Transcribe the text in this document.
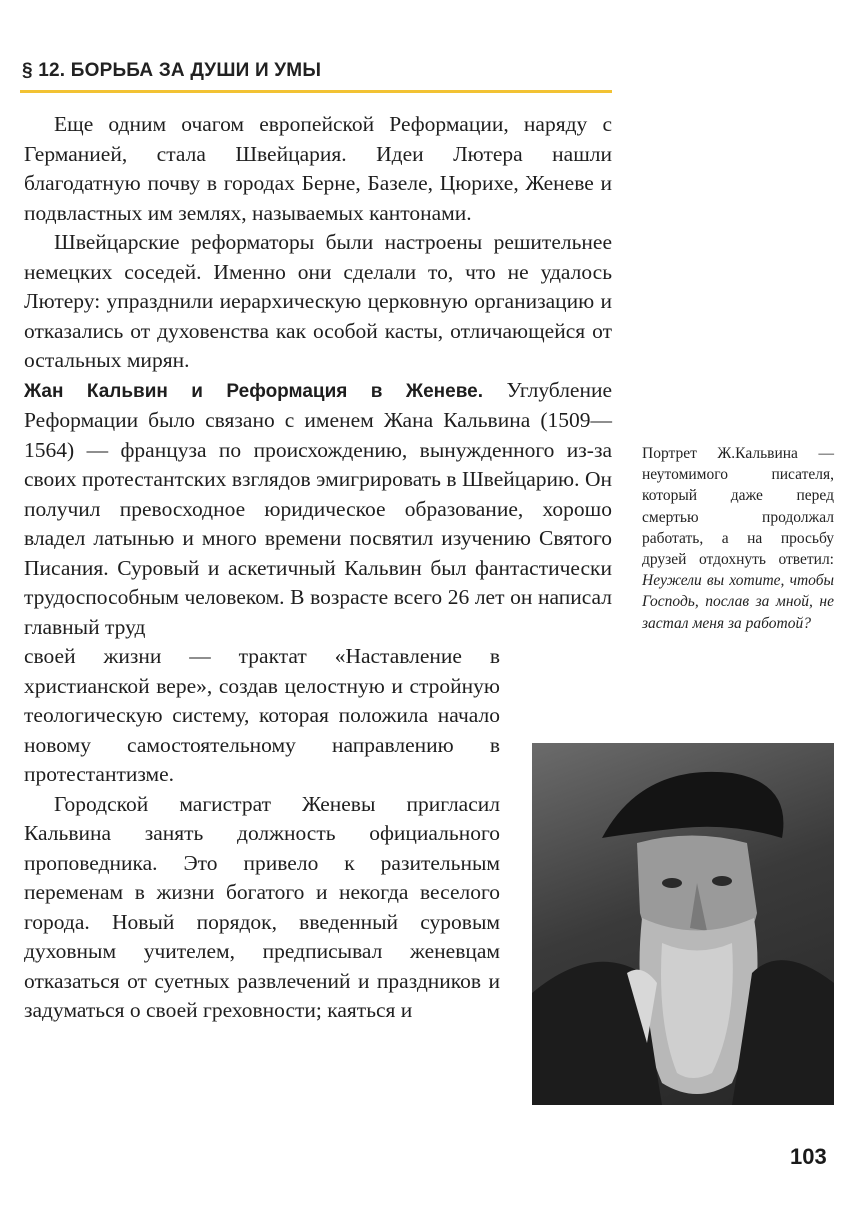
§ 12. БОРЬБА ЗА ДУШИ И УМЫ

Еще одним очагом европейской Реформации, наряду с Германией, стала Швейцария. Идеи Лютера нашли благодатную почву в городах Берне, Базеле, Цюрихе, Женеве и подвластных им землях, называемых кантонами.

Швейцарские реформаторы были настроены решительнее немецких соседей. Именно они сделали то, что не удалось Лютеру: упразднили иерархическую церковную организацию и отказались от духовенства как особой касты, отличающейся от остальных мирян.

Жан Кальвин и Реформация в Женеве. Углубление Реформации было связано с именем Жана Кальвина (1509—1564) — француза по происхождению, вынужденного из-за своих протестантских взглядов эмигрировать в Швейцарию. Он получил превосходное юридическое образование, хорошо владел латынью и много времени посвятил изучению Святого Писания. Суровый и аскетичный Кальвин был фантастически трудоспособным человеком. В возрасте всего 26 лет он написал главный труд

своей жизни — трактат «Наставление в христианской вере», создав целостную и стройную теологическую систему, которая положила начало новому самостоятельному направлению в протестантизме.

Городской магистрат Женевы пригласил Кальвина занять должность официального проповедника. Это привело к разительным переменам в жизни богатого и некогда веселого города. Новый порядок, введенный суровым духовным учителем, предписывал женевцам отказаться от суетных развлечений и праздников и задуматься о своей греховности; каяться и

Портрет Ж.Кальвина — неутомимого писателя, который даже перед смертью продолжал работать, а на просьбу друзей отдохнуть ответил: Неужели вы хотите, чтобы Господь, послав за мной, не застал меня за работой?
103
